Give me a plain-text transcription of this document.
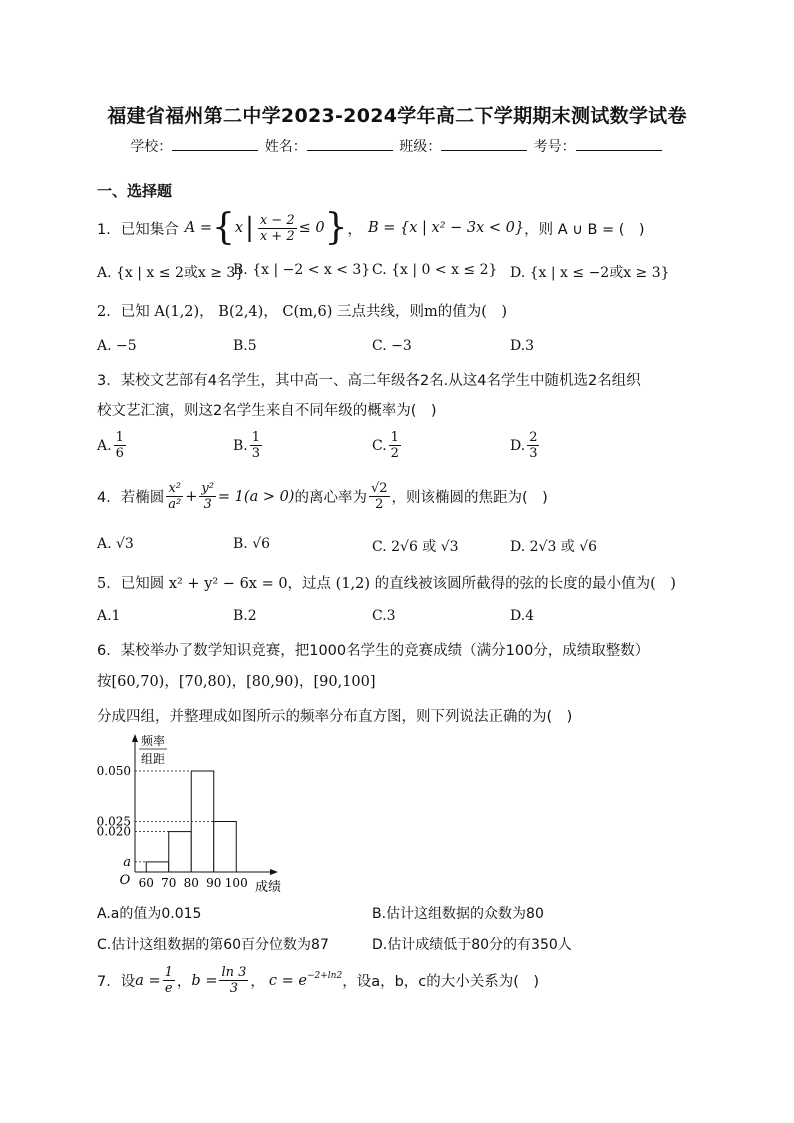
福建省福州第二中学2023-2024学年高二下学期期末测试数学试卷
学校：	姓名：	班级：	考号：
一、选择题
1． 已知集合 A = { x | $\frac{x - 2}{x + 2} \le 0$ } ， B = {x | x² − 3x < 0} ，则 A ∪ B = (　)
A. {x | x ≤ 2或x ≥ 3}
B. {x | −2 < x < 3} C. {x | 0 < x ≤ 2} D. {x | x ≤ −2或x ≥ 3}
2．已知 A(1,2)， B(2,4)， C(m,6) 三点共线，则m的值为(　)
A. −5	B.5	C. −3	D.3
3．某校文艺部有4名学生，其中高一、高二年级各2名.从这4名学生中随机选2名组织
校文艺汇演，则这2名学生来自不同年级的概率为(　)
A. $\frac{1}{6}$	B. $\frac{1}{3}$	C. $\frac{1}{2}$	D. $\frac{2}{3}$
4．若椭圆 $\frac{\text{x²}}{\text{a²}} + \frac{\text{y²}}{3} = 1(a > 0)$ 的离心率为 $\frac{√2}{2}$ ，则该椭圆的焦距为(　)
A. √3	B. √6	C. 2√6 或 √3	D. 2√3 或 √6
5．已知圆 x² + y² − 6x = 0，过点 (1,2) 的直线被该圆所截得的弦的长度的最小值为(　)
A.1	B.2	C.3	D.4
6．某校举办了数学知识竞赛，把1000名学生的竞赛成绩（满分100分，成绩取整数）
按[60,70)，[70,80)，[80,90)，[90,100]
分成四组，并整理成如图所示的频率分布直方图，则下列说法正确的为(　)
频率
组距
0.050
0.025
0.020
a
60 70 80 90 100
O	成绩
A.a的值为0.015	B.估计这组数据的众数为80
C.估计这组数据的第60百分位数为87	D.估计成绩低于80分的有350人
7．设 $a = \frac{1}{e}$ ， $b = \frac{\ln 3}{3}$ ， $c = e^{-2+ln2}$ ，设a，b，c的大小关系为(　)
